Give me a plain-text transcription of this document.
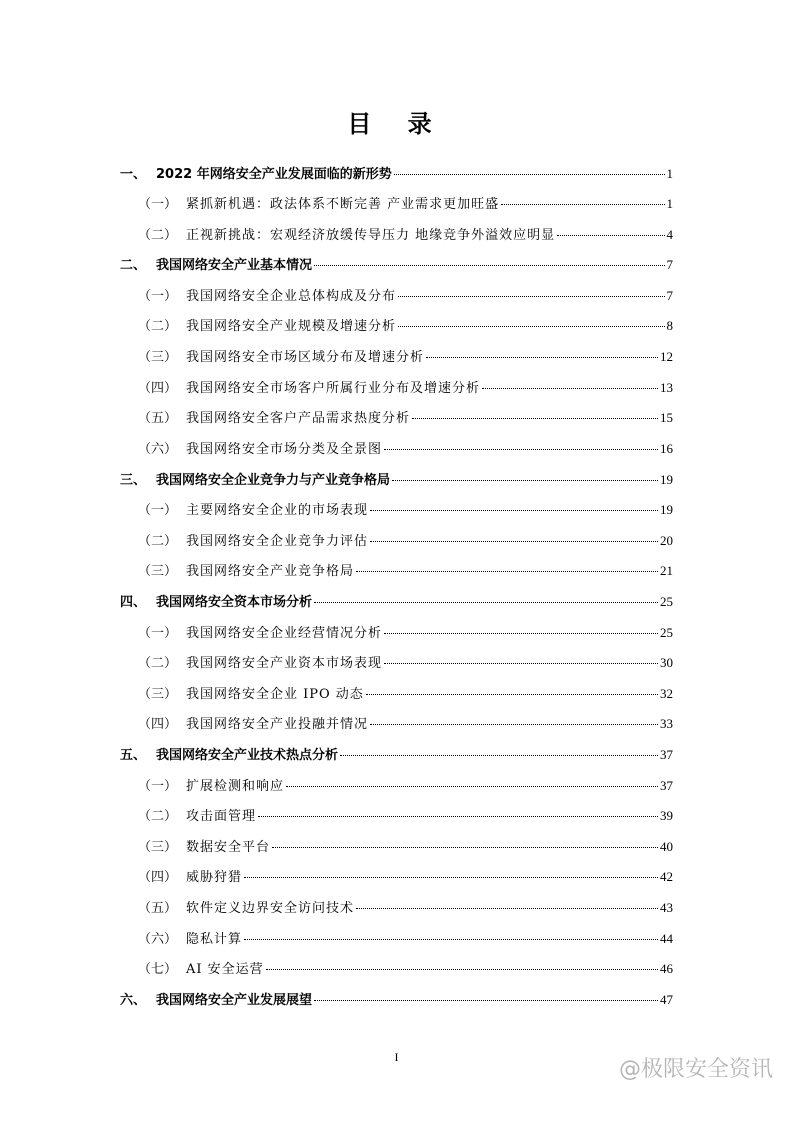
目 录
一、 2022 年网络安全产业发展面临的新形势	1
（一） 紧抓新机遇：政法体系不断完善 产业需求更加旺盛	1
（二） 正视新挑战：宏观经济放缓传导压力 地缘竞争外溢效应明显	4
二、 我国网络安全产业基本情况	7
（一） 我国网络安全企业总体构成及分布	7
（二） 我国网络安全产业规模及增速分析	8
（三） 我国网络安全市场区域分布及增速分析	12
（四） 我国网络安全市场客户所属行业分布及增速分析	13
（五） 我国网络安全客户产品需求热度分析	15
（六） 我国网络安全市场分类及全景图	16
三、 我国网络安全企业竞争力与产业竞争格局	19
（一） 主要网络安全企业的市场表现	19
（二） 我国网络安全企业竞争力评估	20
（三） 我国网络安全产业竞争格局	21
四、 我国网络安全资本市场分析	25
（一） 我国网络安全企业经营情况分析	25
（二） 我国网络安全产业资本市场表现	30
（三） 我国网络安全企业 IPO 动态	32
（四） 我国网络安全产业投融并情况	33
五、 我国网络安全产业技术热点分析	37
（一） 扩展检测和响应	37
（二） 攻击面管理	39
（三） 数据安全平台	40
（四） 威胁狩猎	42
（五） 软件定义边界安全访问技术	43
（六） 隐私计算	44
（七） AI 安全运营	46
六、 我国网络安全产业发展展望	47
I	@极限安全资讯
